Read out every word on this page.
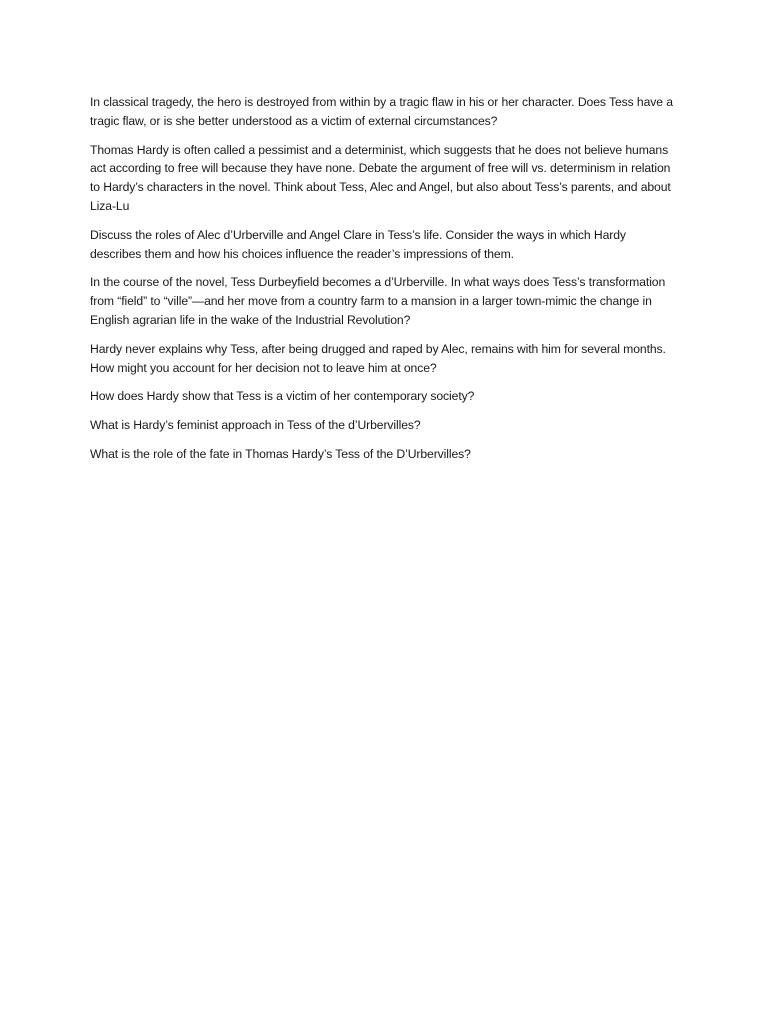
In classical tragedy, the hero is destroyed from within by a tragic flaw in his or her character. Does Tess have a tragic flaw, or is she better understood as a victim of external circumstances?

Thomas Hardy is often called a pessimist and a determinist, which suggests that he does not believe humans act according to free will because they have none. Debate the argument of free will vs. determinism in relation to Hardy’s characters in the novel. Think about Tess, Alec and Angel, but also about Tess’s parents, and about Liza-Lu

Discuss the roles of Alec d’Urberville and Angel Clare in Tess’s life. Consider the ways in which Hardy describes them and how his choices influence the reader’s impressions of them.

In the course of the novel, Tess Durbeyfield becomes a d’Urberville. In what ways does Tess’s transformation from “field” to “ville”—and her move from a country farm to a mansion in a larger town-mimic the change in English agrarian life in the wake of the Industrial Revolution?

Hardy never explains why Tess, after being drugged and raped by Alec, remains with him for several months. How might you account for her decision not to leave him at once?

How does Hardy show that Tess is a victim of her contemporary society?

What is Hardy’s feminist approach in Tess of the d’Urbervilles?

What is the role of the fate in Thomas Hardy’s Tess of the D’Urbervilles?
